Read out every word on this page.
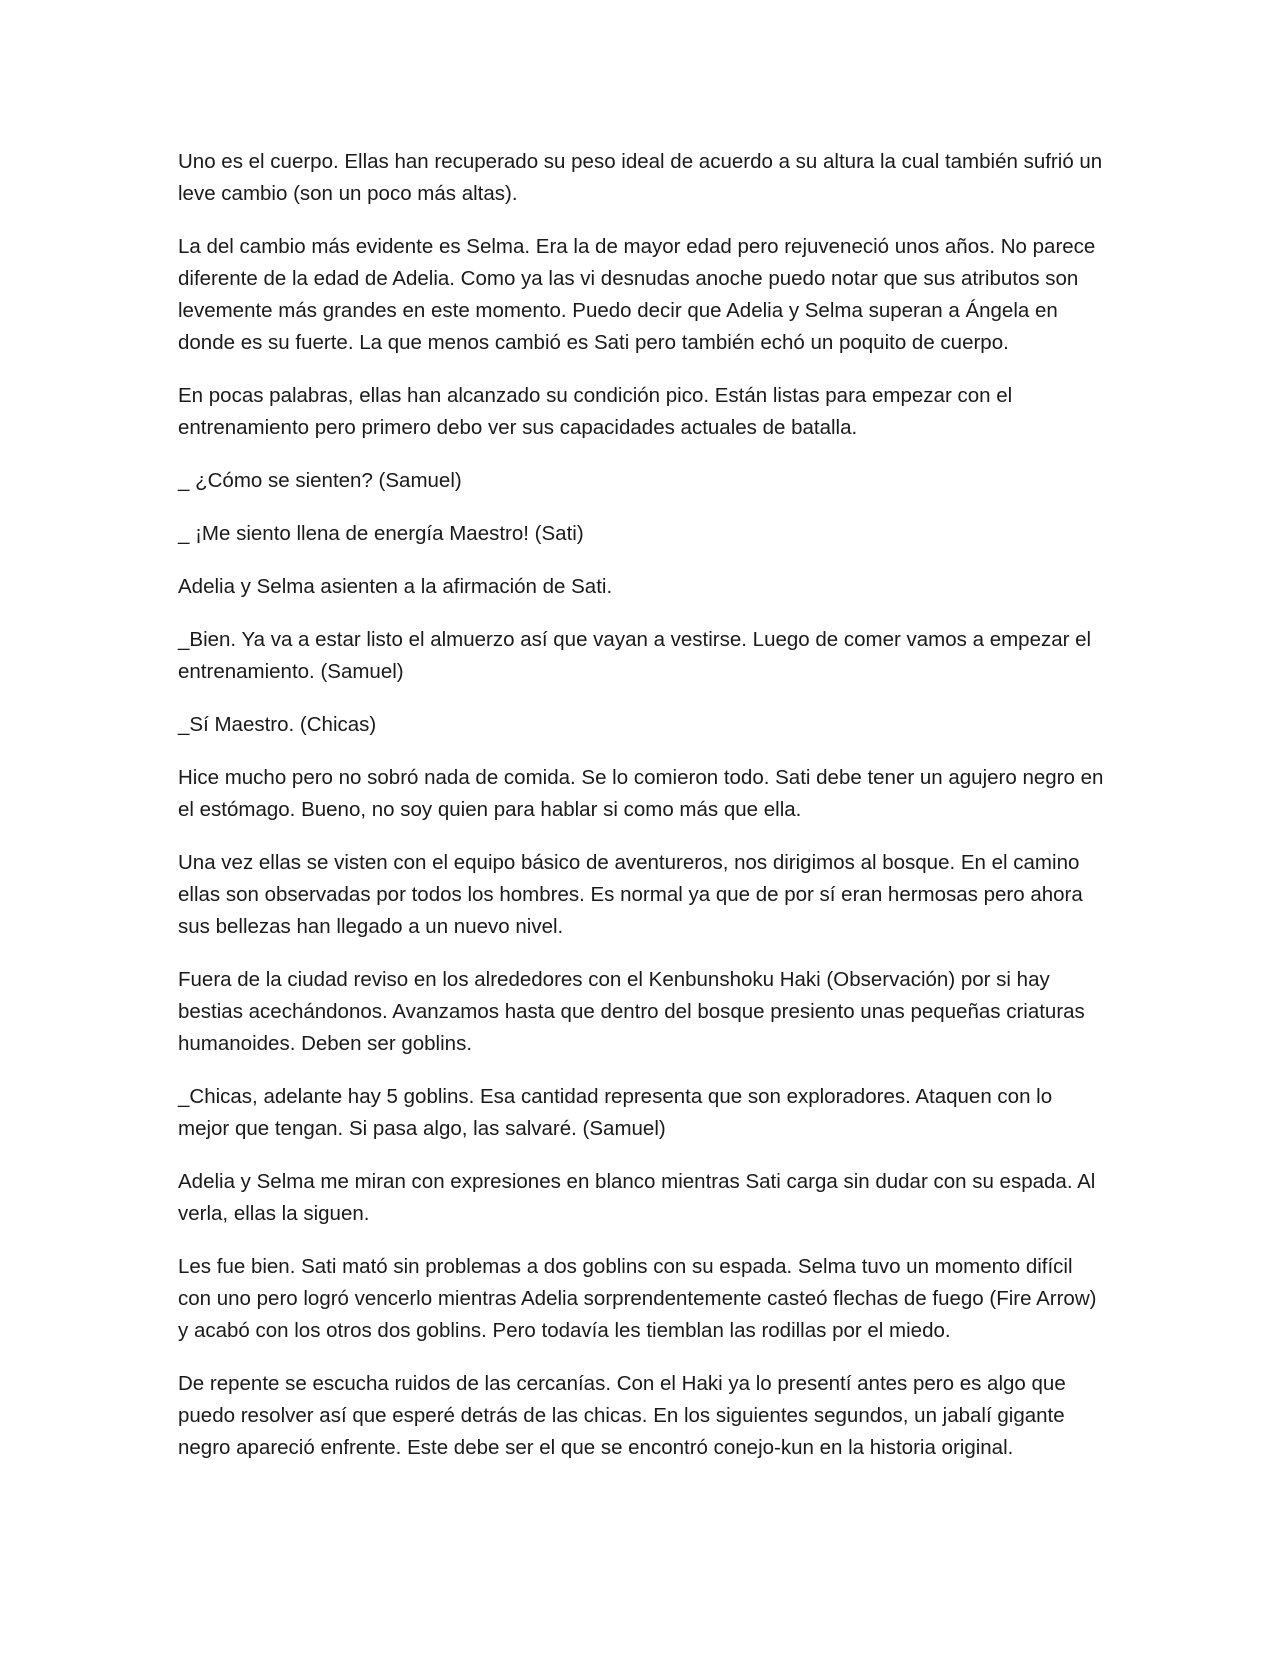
Uno es el cuerpo. Ellas han recuperado su peso ideal de acuerdo a su altura la cual también sufrió un leve cambio (son un poco más altas).

La del cambio más evidente es Selma. Era la de mayor edad pero rejuveneció unos años. No parece diferente de la edad de Adelia. Como ya las vi desnudas anoche puedo notar que sus atributos son levemente más grandes en este momento. Puedo decir que Adelia y Selma superan a Ángela en donde es su fuerte. La que menos cambió es Sati pero también echó un poquito de cuerpo.

En pocas palabras, ellas han alcanzado su condición pico. Están listas para empezar con el entrenamiento pero primero debo ver sus capacidades actuales de batalla.

_ ¿Cómo se sienten? (Samuel)

_ ¡Me siento llena de energía Maestro! (Sati)

Adelia y Selma asienten a la afirmación de Sati.

_Bien. Ya va a estar listo el almuerzo así que vayan a vestirse. Luego de comer vamos a empezar el entrenamiento. (Samuel)

_Sí Maestro. (Chicas)

Hice mucho pero no sobró nada de comida. Se lo comieron todo. Sati debe tener un agujero negro en el estómago. Bueno, no soy quien para hablar si como más que ella.

Una vez ellas se visten con el equipo básico de aventureros, nos dirigimos al bosque. En el camino ellas son observadas por todos los hombres. Es normal ya que de por sí eran hermosas pero ahora sus bellezas han llegado a un nuevo nivel.

Fuera de la ciudad reviso en los alrededores con el Kenbunshoku Haki (Observación) por si hay bestias acechándonos. Avanzamos hasta que dentro del bosque presiento unas pequeñas criaturas humanoides. Deben ser goblins.

_Chicas, adelante hay 5 goblins. Esa cantidad representa que son exploradores. Ataquen con lo mejor que tengan. Si pasa algo, las salvaré. (Samuel)

Adelia y Selma me miran con expresiones en blanco mientras Sati carga sin dudar con su espada. Al verla, ellas la siguen.

Les fue bien. Sati mató sin problemas a dos goblins con su espada. Selma tuvo un momento difícil con uno pero logró vencerlo mientras Adelia sorprendentemente casteó flechas de fuego (Fire Arrow) y acabó con los otros dos goblins. Pero todavía les tiemblan las rodillas por el miedo.

De repente se escucha ruidos de las cercanías. Con el Haki ya lo presentí antes pero es algo que puedo resolver así que esperé detrás de las chicas. En los siguientes segundos, un jabalí gigante negro apareció enfrente. Este debe ser el que se encontró conejo-kun en la historia original.
